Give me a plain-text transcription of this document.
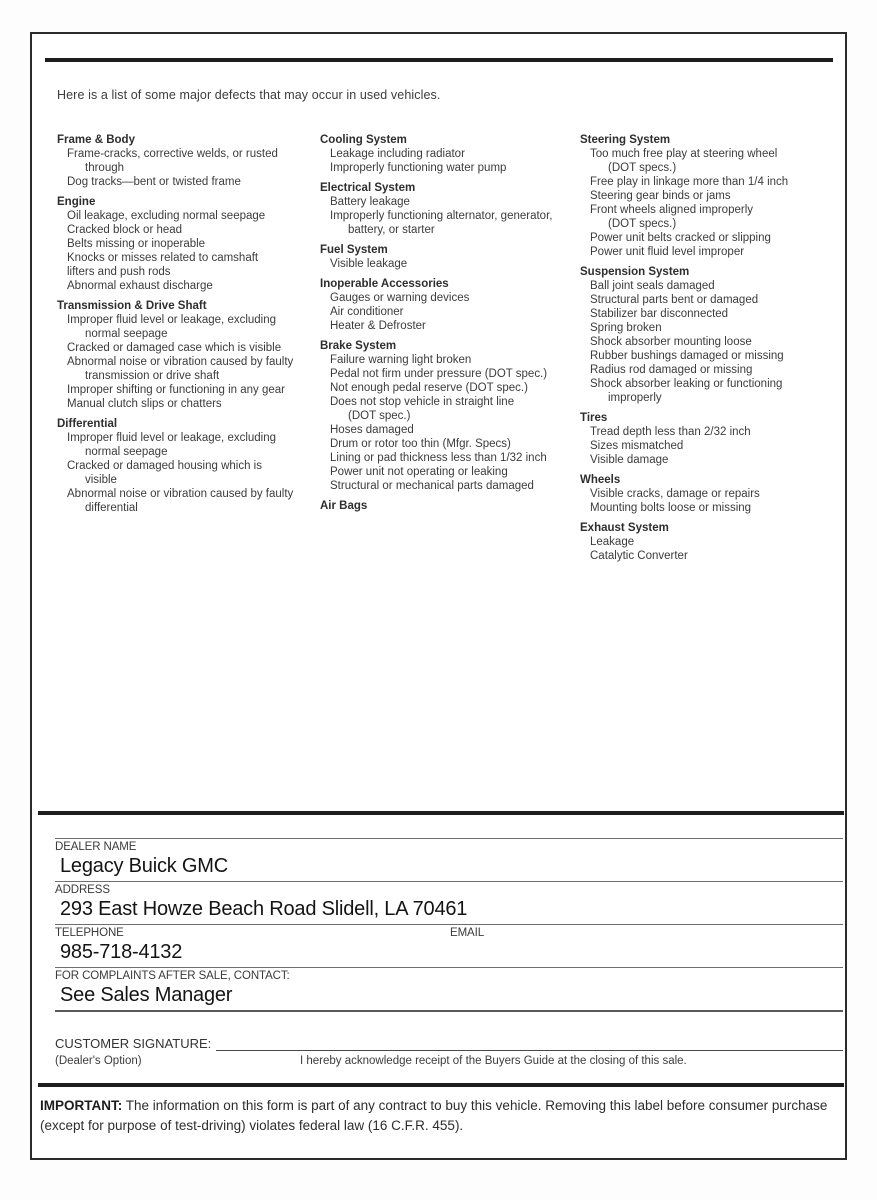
Here is a list of some major defects that may occur in used vehicles.
Frame & Body
Frame-cracks, corrective welds, or rusted
through
Dog tracks—bent or twisted frame
Engine
Oil leakage, excluding normal seepage
Cracked block or head
Belts missing or inoperable
Knocks or misses related to camshaft
lifters and push rods
Abnormal exhaust discharge
Transmission & Drive Shaft
Improper fluid level or leakage, excluding
normal seepage
Cracked or damaged case which is visible
Abnormal noise or vibration caused by faulty
transmission or drive shaft
Improper shifting or functioning in any gear
Manual clutch slips or chatters
Differential
Improper fluid level or leakage, excluding
normal seepage
Cracked or damaged housing which is
visible
Abnormal noise or vibration caused by faulty
differential
Cooling System
Leakage including radiator
Improperly functioning water pump
Electrical System
Battery leakage
Improperly functioning alternator, generator,
battery, or starter
Fuel System
Visible leakage
Inoperable Accessories
Gauges or warning devices
Air conditioner
Heater & Defroster
Brake System
Failure warning light broken
Pedal not firm under pressure (DOT spec.)
Not enough pedal reserve (DOT spec.)
Does not stop vehicle in straight line
(DOT spec.)
Hoses damaged
Drum or rotor too thin (Mfgr. Specs)
Lining or pad thickness less than 1/32 inch
Power unit not operating or leaking
Structural or mechanical parts damaged
Air Bags
Steering System
Too much free play at steering wheel
(DOT specs.)
Free play in linkage more than 1/4 inch
Steering gear binds or jams
Front wheels aligned improperly
(DOT specs.)
Power unit belts cracked or slipping
Power unit fluid level improper
Suspension System
Ball joint seals damaged
Structural parts bent or damaged
Stabilizer bar disconnected
Spring broken
Shock absorber mounting loose
Rubber bushings damaged or missing
Radius rod damaged or missing
Shock absorber leaking or functioning
improperly
Tires
Tread depth less than 2/32 inch
Sizes mismatched
Visible damage
Wheels
Visible cracks, damage or repairs
Mounting bolts loose or missing
Exhaust System
Leakage
Catalytic Converter
DEALER NAME
Legacy Buick GMC
ADDRESS
293 East Howze Beach Road Slidell, LA 70461
TELEPHONE	EMAIL
985-718-4132
FOR COMPLAINTS AFTER SALE, CONTACT:
See Sales Manager
CUSTOMER SIGNATURE:
(Dealer's Option)	I hereby acknowledge receipt of the Buyers Guide at the closing of this sale.
IMPORTANT: The information on this form is part of any contract to buy this vehicle. Removing this label before consumer purchase (except for purpose of test-driving) violates federal law (16 C.F.R. 455).
